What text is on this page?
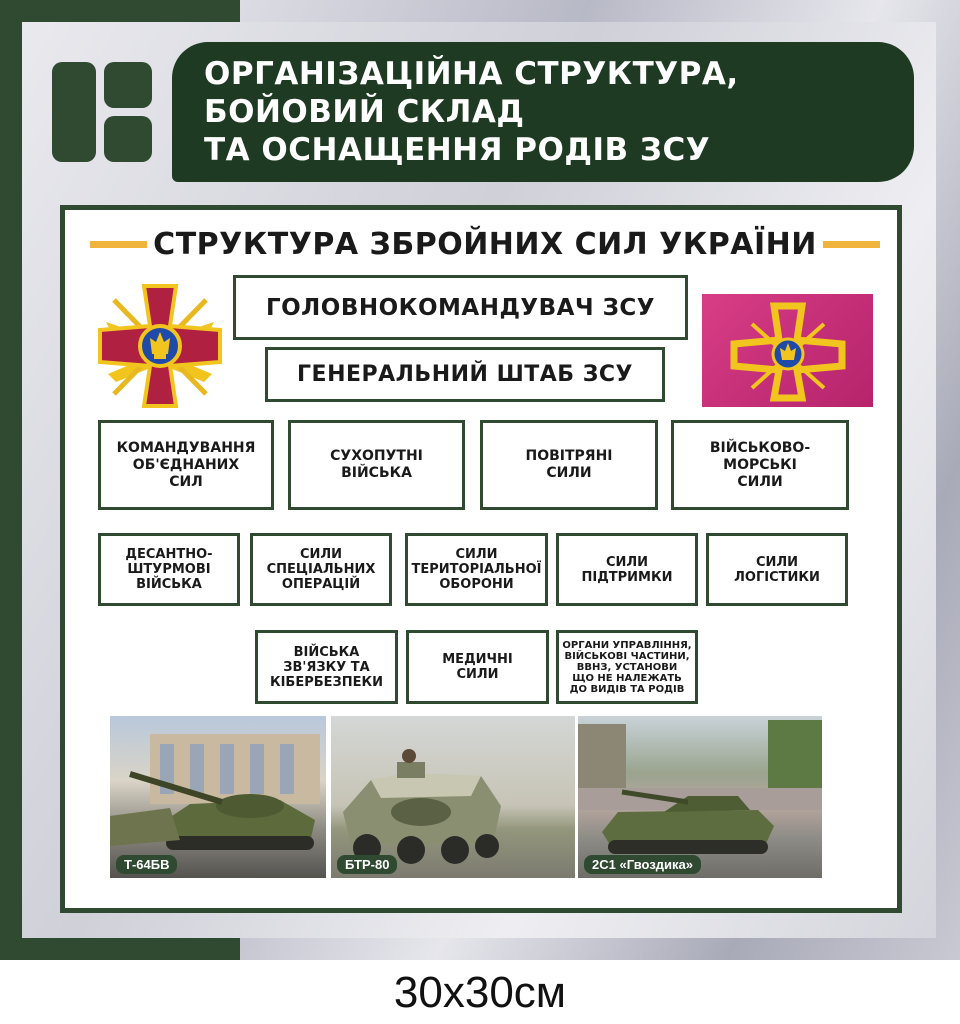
ОРГАНІЗАЦІЙНА СТРУКТУРА,
БОЙОВИЙ СКЛАД
ТА ОСНАЩЕННЯ РОДІВ ЗСУ
СТРУКТУРА ЗБРОЙНИХ СИЛ УКРАЇНИ
ГОЛОВНОКОМАНДУВАЧ ЗСУ
ГЕНЕРАЛЬНИЙ ШТАБ ЗСУ
КОМАНДУВАННЯ
ОБ'ЄДНАНИХ
СИЛ
СУХОПУТНІ
ВІЙСЬКА
ПОВІТРЯНІ
СИЛИ
ВІЙСЬКОВО-
МОРСЬКІ
СИЛИ
ДЕСАНТНО-
ШТУРМОВІ
ВІЙСЬКА
СИЛИ
СПЕЦІАЛЬНИХ
ОПЕРАЦІЙ
СИЛИ
ТЕРИТОРІАЛЬНОЇ
ОБОРОНИ
СИЛИ
ПІДТРИМКИ
СИЛИ
ЛОГІСТИКИ
ВІЙСЬКА
ЗВ'ЯЗКУ ТА
КІБЕРБЕЗПЕКИ
МЕДИЧНІ
СИЛИ
ОРГАНИ УПРАВЛІННЯ,
ВІЙСЬКОВІ ЧАСТИНИ,
ВВНЗ, УСТАНОВИ
ЩО НЕ НАЛЕЖАТЬ
ДО ВИДІВ ТА РОДІВ
Т-64БВ	БТР-80	2С1 «Гвоздика»
30x30см
